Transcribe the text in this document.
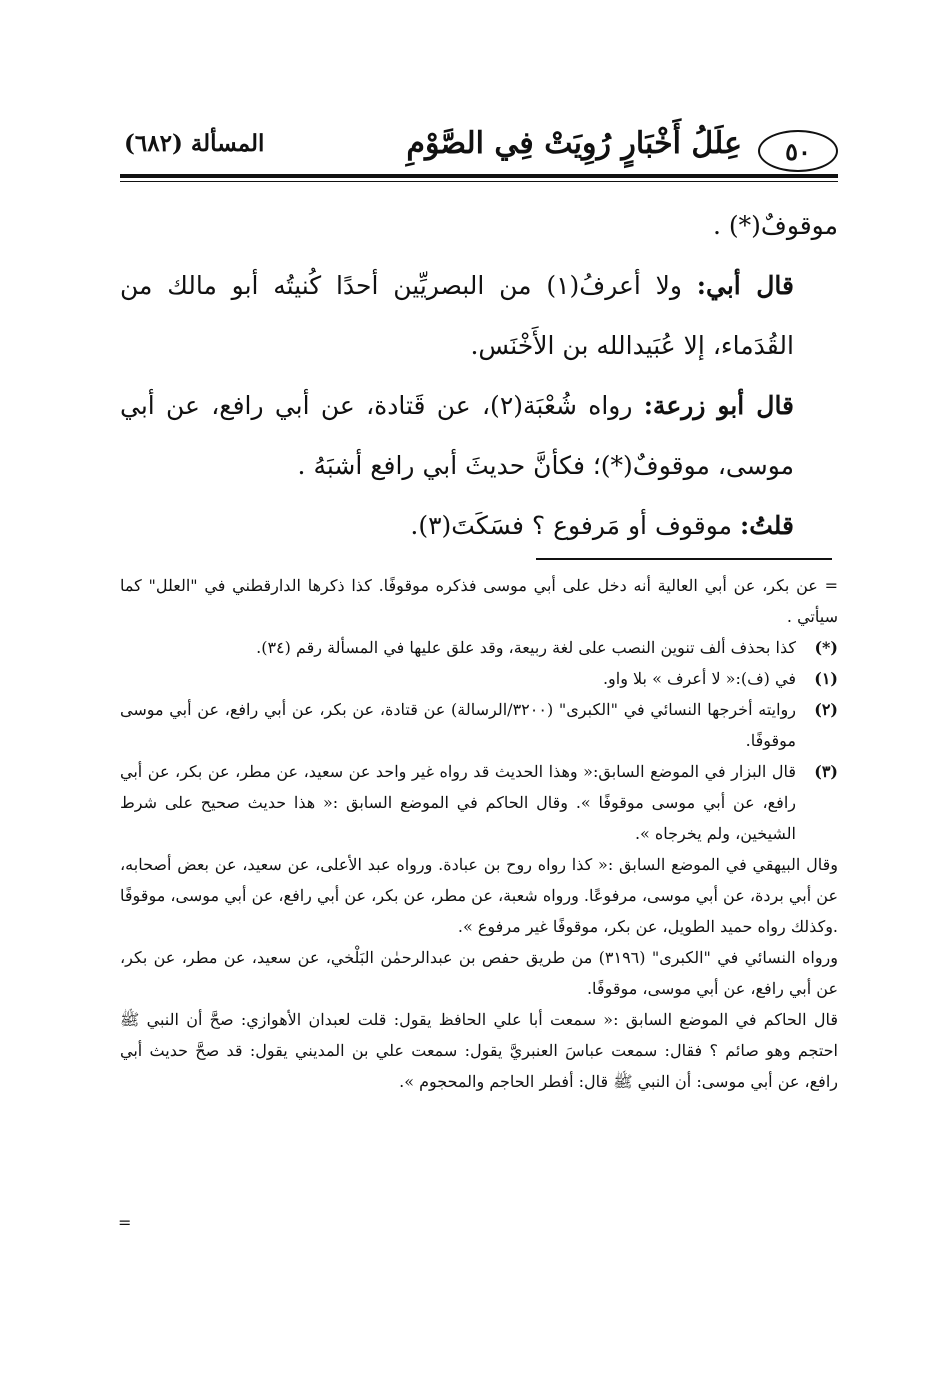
٥٠
عِلَلُ أَخْبَارٍ رُوِيَتْ فِي الصَّوْمِ
المسألة (٦٨٢)

موقوفٌ(*) .

قال أبي: ولا أعرفُ(١) من البصريِّين أحدًا كُنيتُه أبو مالك من القُدَماء، إلا عُبَيدالله بن الأَخْنَس.

قال أبو زرعة: رواه شُعْبَة(٢)، عن قَتادة، عن أبي رافع، عن أبي موسى، موقوفٌ(*)؛ فكأنَّ حديثَ أبي رافع أشبَهُ .

قلتُ: موقوف أو مَرفوع ؟ فسَكَتَ(٣).

= عن بكر، عن أبي العالية أنه دخل على أبي موسى فذكره موقوفًا. كذا ذكرها الدارقطني في "العلل" كما سيأتي .

(*)
كذا بحذف ألف تنوين النصب على لغة ربيعة، وقد علق عليها في المسألة رقم (٣٤).
(١)
في (ف):« لا أعرف » بلا واو.
(٢)
روايته أخرجها النسائي في "الكبرى" (٣٢٠٠/الرسالة) عن قتادة، عن بكر، عن أبي رافع، عن أبي موسى موقوفًا.
(٣)
قال البزار في الموضع السابق:« وهذا الحديث قد رواه غير واحد عن سعيد، عن مطر، عن بكر، عن أبي رافع، عن أبي موسى موقوفًا ». وقال الحاكم في الموضع السابق :« هذا حديث صحيح على شرط الشيخين، ولم يخرجاه ».

وقال البيهقي في الموضع السابق :« كذا رواه روح بن عبادة. ورواه عبد الأعلى، عن سعيد، عن بعض أصحابه، عن أبي بردة، عن أبي موسى، مرفوعًا. ورواه شعبة، عن مطر، عن بكر، عن أبي رافع، عن أبي موسى، موقوفًا .وكذلك رواه حميد الطويل، عن بكر، موقوفًا غير مرفوع ».

ورواه النسائي في "الكبرى" (٣١٩٦) من طريق حفص بن عبدالرحمٰن البَلْخي، عن سعيد، عن مطر، عن بكر، عن أبي رافع، عن أبي موسى، موقوفًا.

قال الحاكم في الموضع السابق :« سمعت أبا علي الحافظ يقول: قلت لعبدان الأهوازي: صحَّ أن النبي ﷺ احتجم وهو صائم ؟ فقال: سمعت عباسَ العنبريَّ يقول: سمعت علي بن المديني يقول: قد صحَّ حديث أبي رافع، عن أبي موسى: أن النبي ﷺ قال: أفطر الحاجم والمحجوم ».

=
